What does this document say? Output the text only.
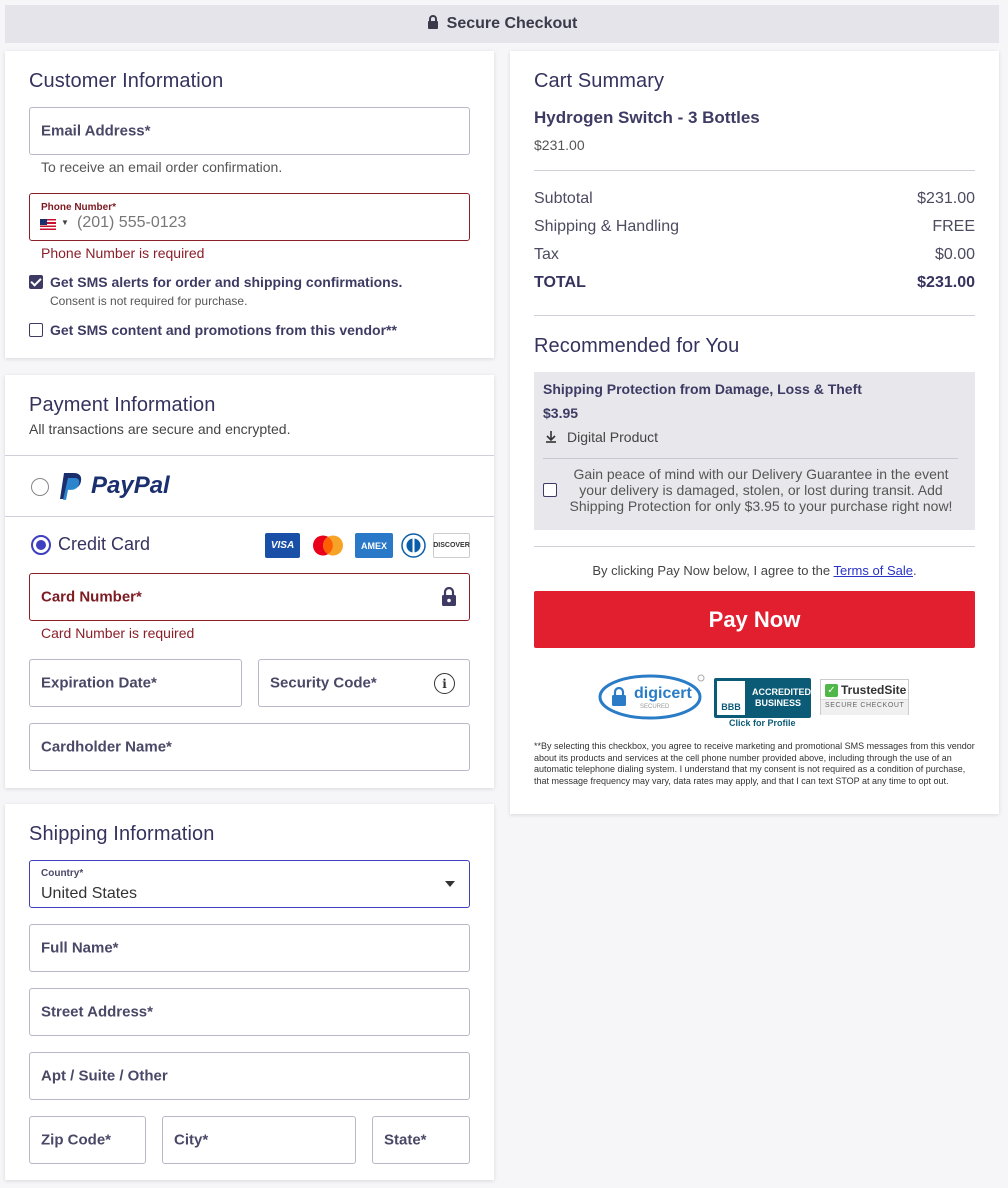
Secure Checkout
Customer Information
Email Address*
To receive an email order confirmation.
Phone Number*
▼ (201) 555-0123
Phone Number is required
Get SMS alerts for order and shipping confirmations.
Consent is not required for purchase.
Get SMS content and promotions from this vendor**
Payment Information
All transactions are secure and encrypted.
PayPal
Credit Card	VISA	AMEX	DISCOVER
Card Number*
Card Number is required
Expiration Date*	Security Code*	i
Cardholder Name*
Shipping Information
Country*
United States
Full Name*
Street Address*
Apt / Suite / Other
Zip Code*	City*	State*
Cart Summary
Hydrogen Switch - 3 Bottles
$231.00
Subtotal	$231.00
Shipping & Handling	FREE
Tax	$0.00
TOTAL	$231.00
Recommended for You
Shipping Protection from Damage, Loss & Theft
$3.95
Digital Product
Gain peace of mind with our Delivery Guarantee in the event your delivery is damaged, stolen, or lost during transit. Add Shipping Protection for only $3.95 to your purchase right now!
By clicking Pay Now below, I agree to the Terms of Sale.
Pay Now
digicert
SECURED	BBB
ACCREDITED
BUSINESS
Click for Profile
✓ TrustedSite
SECURE CHECKOUT
**By selecting this checkbox, you agree to receive marketing and promotional SMS messages from this vendor about its products and services at the cell phone number provided above, including through the use of an automatic telephone dialing system. I understand that my consent is not required as a condition of purchase, that message frequency may vary, data rates may apply, and that I can text STOP at any time to opt out.
